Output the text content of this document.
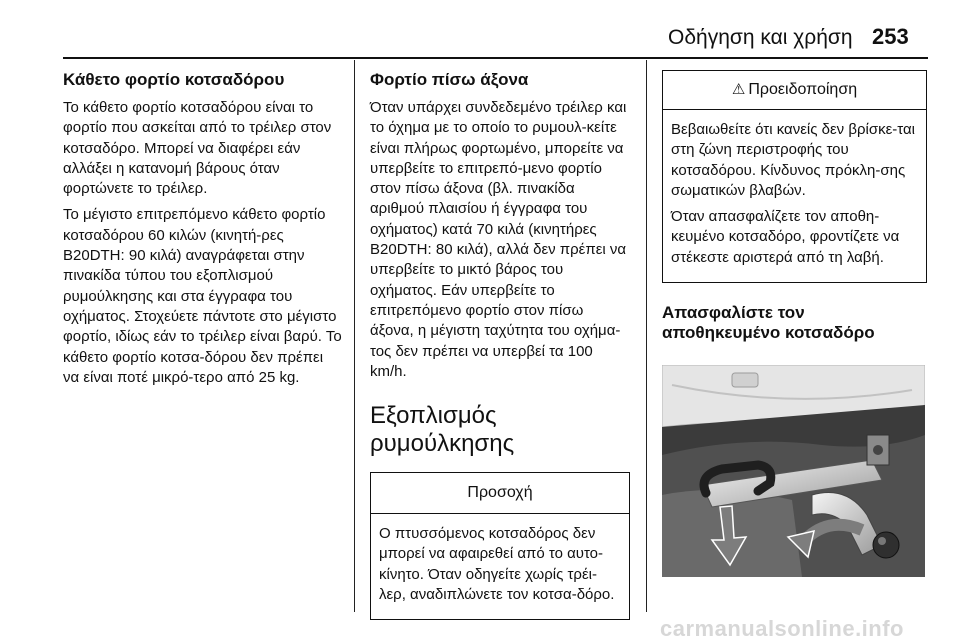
Οδήγηση και χρήση 253
Κάθετο φορτίο κοτσαδόρου

Το κάθετο φορτίο κοτσαδόρου είναι το φορτίο που ασκείται από το τρέιλερ στον κοτσαδόρο. Μπορεί να διαφέρει εάν αλλάξει η κατανομή βάρους όταν φορτώνετε το τρέιλερ.

Το μέγιστο επιτρεπόμενο κάθετο φορτίο κοτσαδόρου 60 κιλών (κινητή-ρες B20DTH: 90 κιλά) αναγράφεται στην πινακίδα τύπου του εξοπλισμού ρυμούλκησης και στα έγγραφα του οχήματος. Στοχεύετε πάντοτε στο μέγιστο φορτίο, ιδίως εάν το τρέιλερ είναι βαρύ. Το κάθετο φορτίο κοτσα-δόρου δεν πρέπει να είναι ποτέ μικρό-τερο από 25 kg.

Φορτίο πίσω άξονα

Όταν υπάρχει συνδεδεμένο τρέιλερ και το όχημα με το οποίο το ρυμουλ-κείτε είναι πλήρως φορτωμένο, μπορείτε να υπερβείτε το επιτρεπό-μενο φορτίο στον πίσω άξονα (βλ. πινακίδα αριθμού πλαισίου ή έγγραφα του οχήματος) κατά 70 κιλά (κινητήρες B20DTH: 80 κιλά), αλλά δεν πρέπει να υπερβείτε το μικτό βάρος του οχήματος. Εάν υπερβείτε το επιτρεπόμενο φορτίο στον πίσω άξονα, η μέγιστη ταχύτητα του οχήμα-τος δεν πρέπει να υπερβεί τα 100 km/h.

Εξοπλισμός ρυμούλκησης
Προσοχή

Ο πτυσσόμενος κοτσαδόρος δεν μπορεί να αφαιρεθεί από το αυτο-κίνητο. Όταν οδηγείτε χωρίς τρέι-λερ, αναδιπλώνετε τον κοτσα-δόρο.

⚠ Προειδοποίηση

Βεβαιωθείτε ότι κανείς δεν βρίσκε-ται στη ζώνη περιστροφής του κοτσαδόρου. Κίνδυνος πρόκλη-σης σωματικών βλαβών.

Όταν απασφαλίζετε τον αποθη-κευμένο κοτσαδόρο, φροντίζετε να στέκεστε αριστερά από τη λαβή.

Απασφαλίστε τον αποθηκευμένο κοτσαδόρο
carmanualsonline.info
